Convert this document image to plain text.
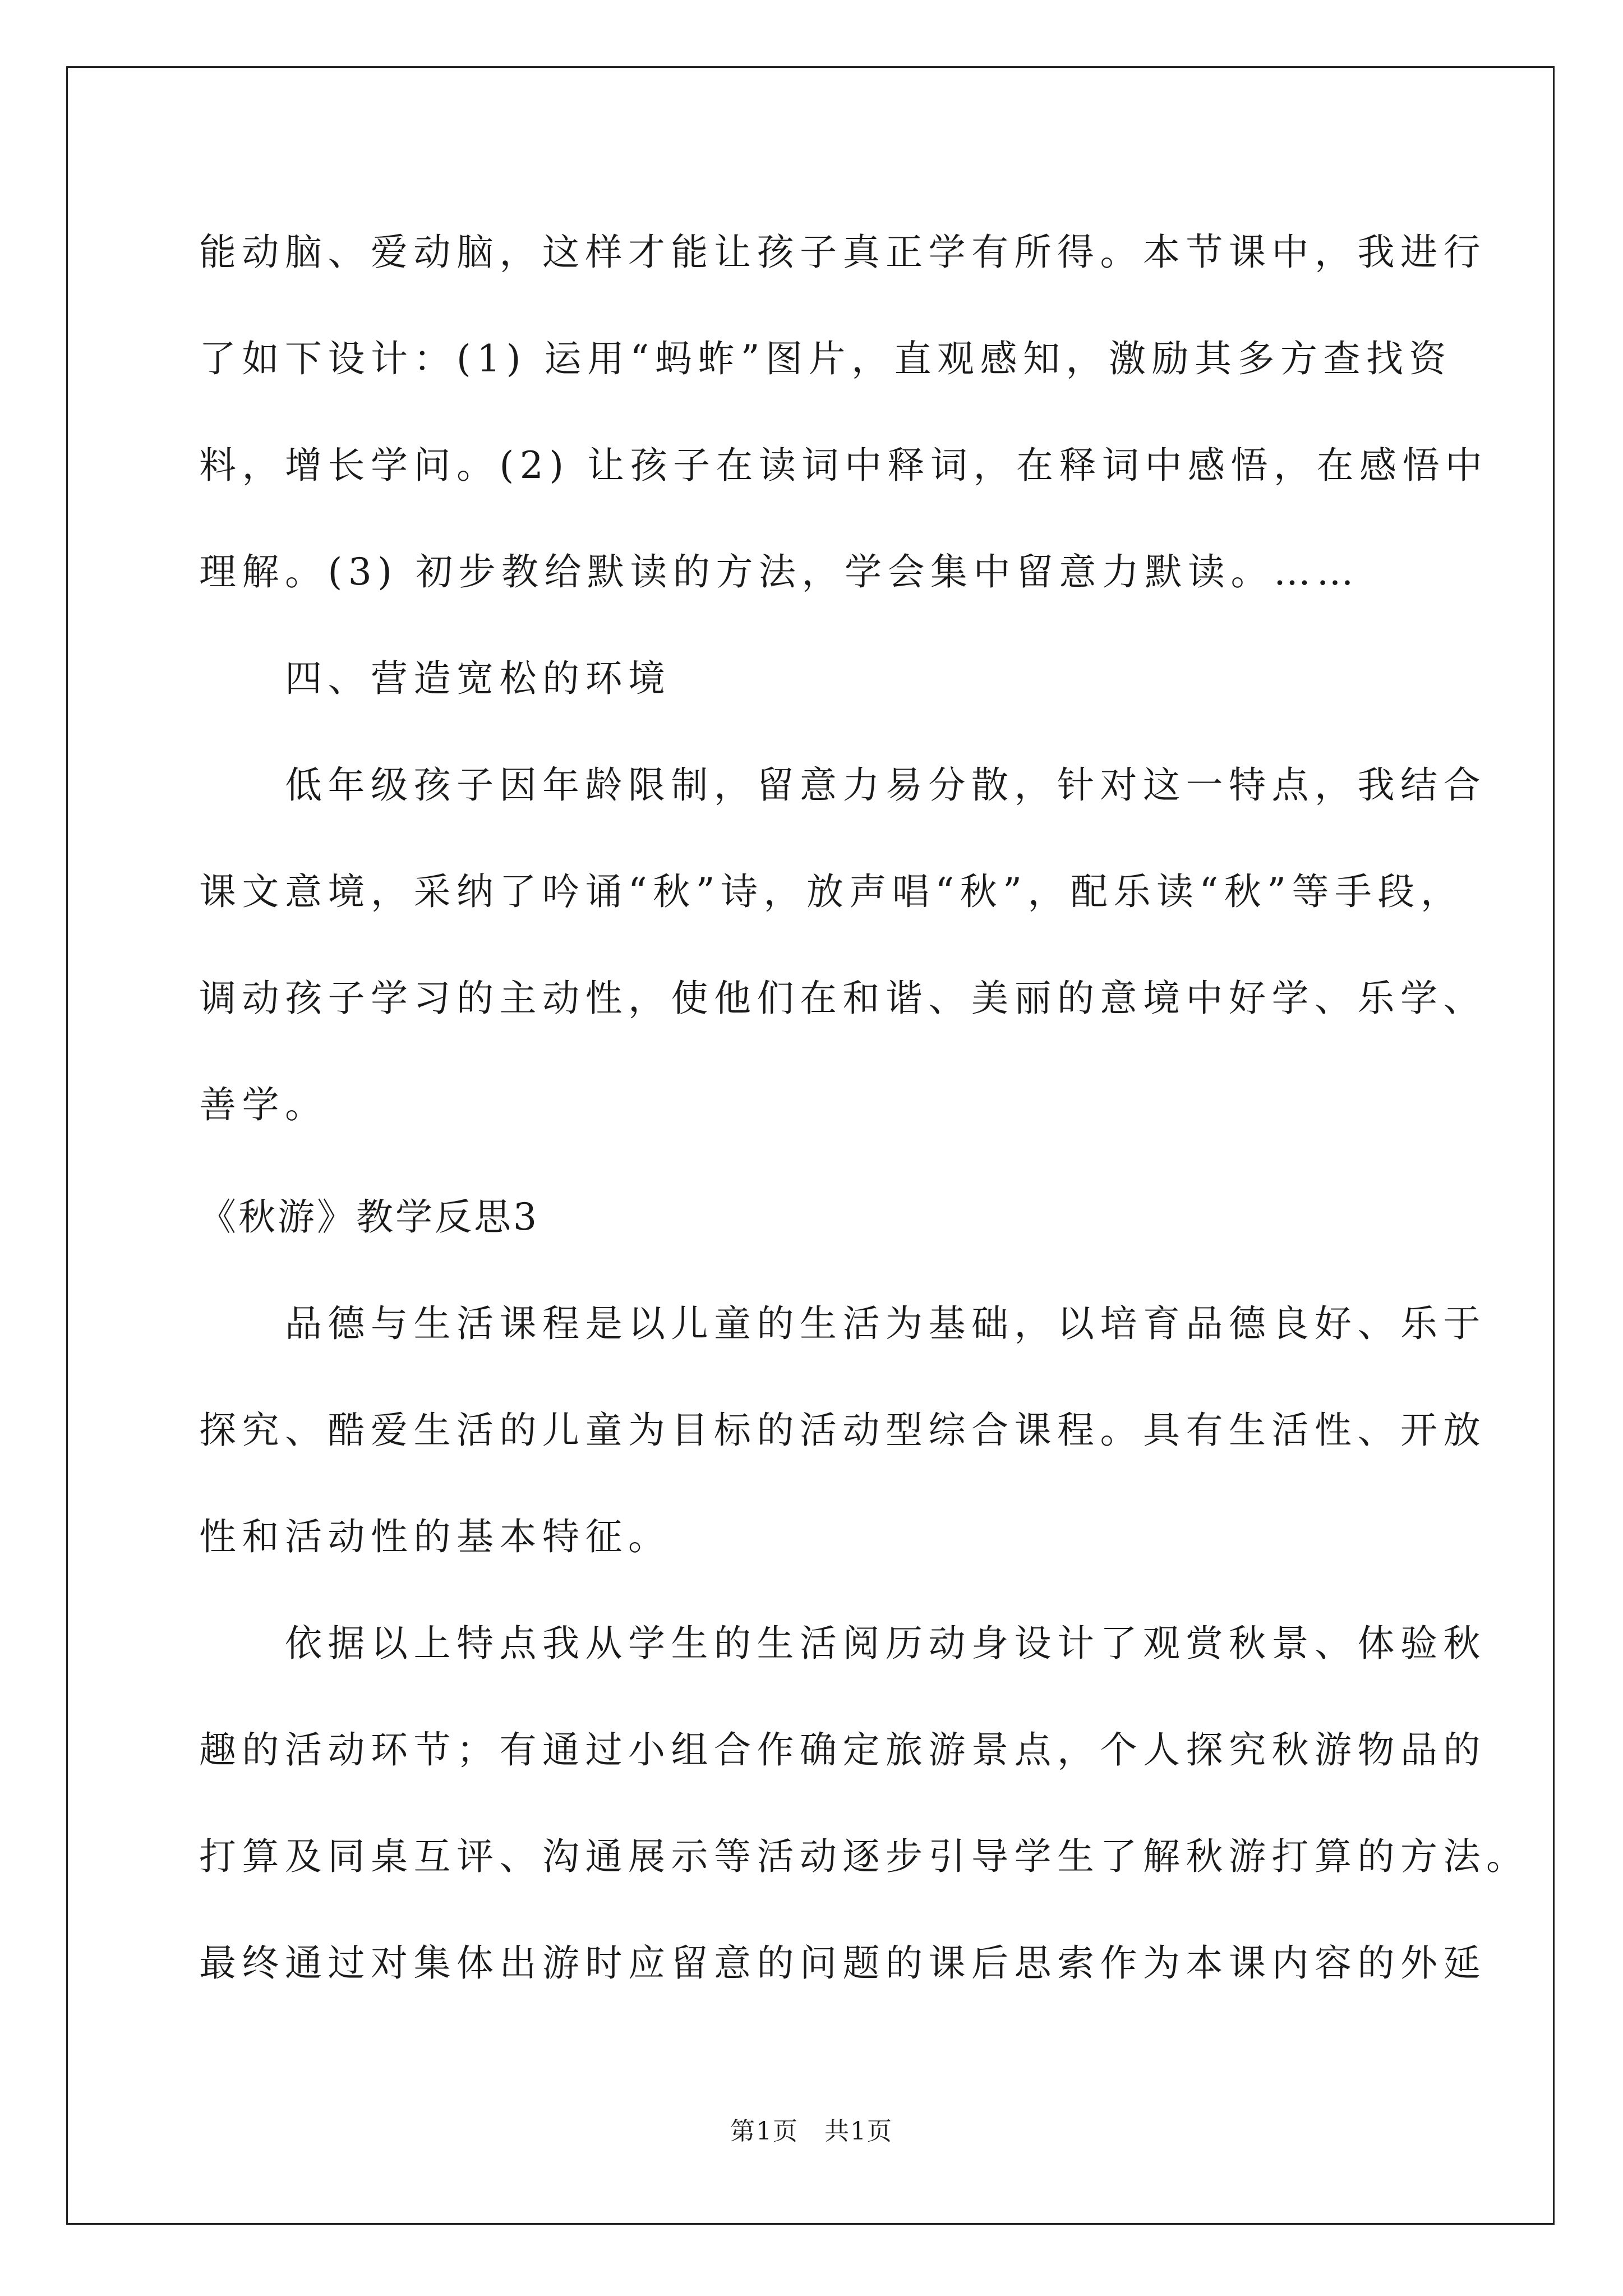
能动脑、爱动脑，这样才能让孩子真正学有所得。本节课中，我进行
了如下设计：(1) 运用“蚂蚱”图片，直观感知，激励其多方查找资
料，增长学问。(2) 让孩子在读词中释词，在释词中感悟，在感悟中
理解。(3) 初步教给默读的方法，学会集中留意力默读。……
　　四、营造宽松的环境
　　低年级孩子因年龄限制，留意力易分散，针对这一特点，我结合
课文意境，采纳了吟诵“秋”诗，放声唱“秋”，配乐读“秋”等手段，
调动孩子学习的主动性，使他们在和谐、美丽的意境中好学、乐学、
善学。
《秋游》教学反思3
　　品德与生活课程是以儿童的生活为基础，以培育品德良好、乐于
探究、酷爱生活的儿童为目标的活动型综合课程。具有生活性、开放
性和活动性的基本特征。
　　依据以上特点我从学生的生活阅历动身设计了观赏秋景、体验秋
趣的活动环节；有通过小组合作确定旅游景点，个人探究秋游物品的
打算及同桌互评、沟通展示等活动逐步引导学生了解秋游打算的方法。
最终通过对集体出游时应留意的问题的课后思索作为本课内容的外延
第1页　共1页
